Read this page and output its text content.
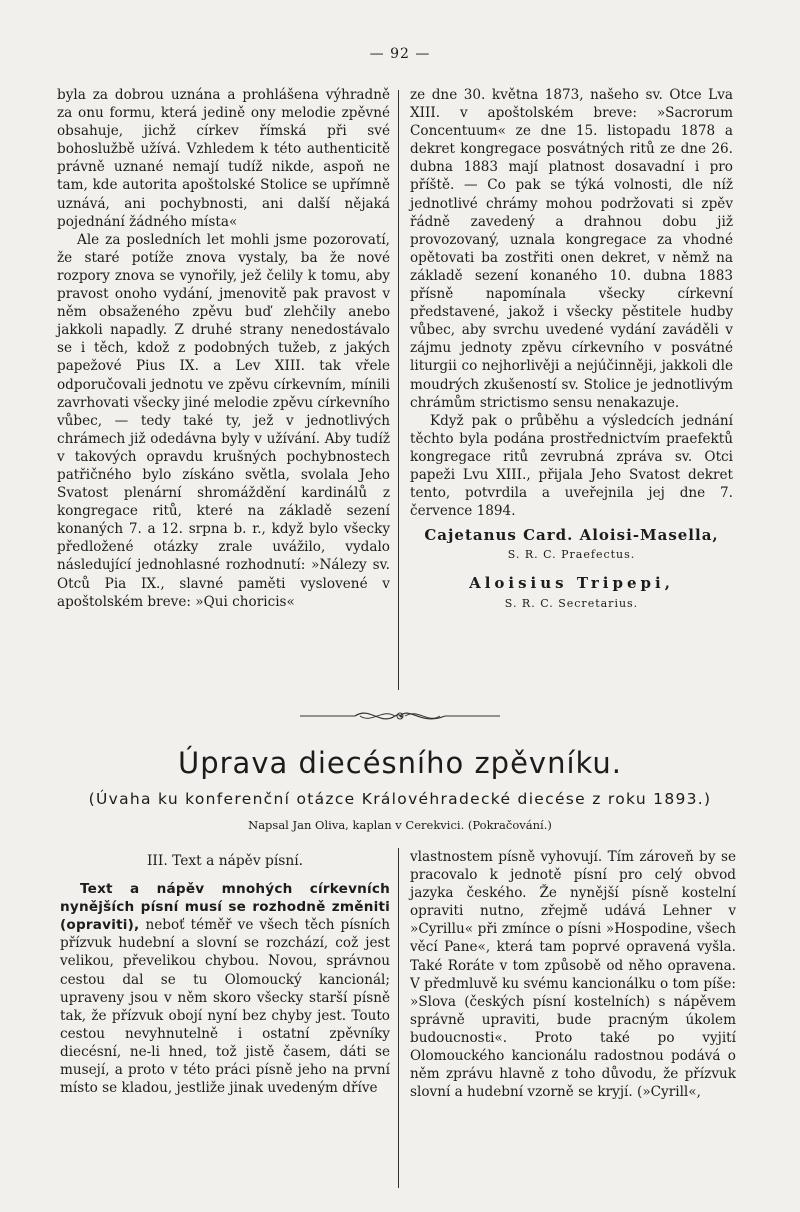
— 92 —

byla za dobrou uznána a prohlášena výhradně za onu formu, která jedině ony melodie zpěvné obsahuje, jichž církev římská při své bohoslužbě užívá. Vzhledem k této authenticitě právně uznané nemají tudíž nikde, aspoň ne tam, kde autorita apoštolské Stolice se upřímně uznává, ani pochybnosti, ani další nějaká pojednání žádného místa«

Ale za posledních let mohli jsme pozorovatí, že staré potíže znova vystaly, ba že nové rozpory znova se vynořily, jež čelily k tomu, aby pravost onoho vydání, jmenovitě pak pravost v něm obsaženého zpěvu buď zlehčily anebo jakkoli napadly. Z druhé strany nenedostávalo se i těch, kdož z podobných tužeb, z jakých papežové Pius IX. a Lev XIII. tak vřele odporučovali jednotu ve zpěvu církevním, mínili zavrhovati všecky jiné melodie zpěvu církevního vůbec, — tedy také ty, jež v jednotlivých chrámech již odedávna byly v užívání. Aby tudíž v takových opravdu krušných pochybnostech patřičného bylo získáno světla, svolala Jeho Svatost plenární shromáždění kardinálů z kongregace ritů, které na základě sezení konaných 7. a 12. srpna b. r., když bylo všecky předložené otázky zrale uvážilo, vydalo následující jednohlasné rozhodnutí: »Nálezy sv. Otců Pia IX., slavné paměti vyslovené v apoštolském breve: »Qui choricis«

ze dne 30. května 1873, našeho sv. Otce Lva XIII. v apoštolském breve: »Sacrorum Concentuum« ze dne 15. listopadu 1878 a dekret kongregace posvátných ritů ze dne 26. dubna 1883 mají platnost dosavadní i pro příště. — Co pak se týká volnosti, dle níž jednotlivé chrámy mohou podržovati si zpěv řádně zavedený a drahnou dobu již provozovaný, uznala kongregace za vhodné opětovati ba zostřiti onen dekret, v němž na základě sezení konaného 10. dubna 1883 přísně napomínala všecky církevní představené, jakož i všecky pěstitele hudby vůbec, aby svrchu uvedené vydání zaváděli v zájmu jednoty zpěvu církevního v posvátné liturgii co nejhorlivěji a nejúčinněji, jakkoli dle moudrých zkušeností sv. Stolice je jednotlivým chrámům strictismo sensu nenakazuje.

Když pak o průběhu a výsledcích jednání těchto byla podána prostřednictvím praefektů kongregace ritů zevrubná zpráva sv. Otci papeži Lvu XIII., přijala Jeho Svatost dekret tento, potvrdila a uveřejnila jej dne 7. července 1894.

Cajetanus Card. Aloisi-Masella,
S. R. C. Praefectus.
Aloisius Tripepi,
S. R. C. Secretarius.
Úprava diecésního zpěvníku.
(Úvaha ku konferenční otázce Královéhradecké diecése z roku 1893.)
Napsal Jan Oliva, kaplan v Cerekvici. (Pokračování.)
III. Text a nápěv písní.

Text a nápěv mnohých církevních nynějších písní musí se rozhodně změniti (opraviti), neboť téměř ve všech těch písních přízvuk hudební a slovní se rozchází, což jest velikou, převelikou chybou. Novou, správnou cestou dal se tu Olomoucký kancionál; upraveny jsou v něm skoro všecky starší písně tak, že přízvuk obojí nyní bez chyby jest. Touto cestou nevyhnutelně i ostatní zpěvníky diecésní, ne-li hned, tož jistě časem, dáti se musejí, a proto v této práci písně jeho na první místo se kladou, jestliže jinak uvedeným dříve

vlastnostem písně vyhovují. Tím zároveň by se pracovalo k jednotě písní pro celý obvod jazyka českého. Že nynější písně kostelní opraviti nutno, zřejmě udává Lehner v »Cyrillu« při zmínce o písni »Hospodine, všech věcí Pane«, která tam poprvé opravená vyšla. Také Roráte v tom způsobě od něho opravena. V předmluvě ku svému kancionálku o tom píše: »Slova (českých písní kostelních) s nápěvem správně upraviti, bude pracným úkolem budoucnosti«. Proto také po vyjití Olomouckého kancionálu radostnou podává o něm zprávu hlavně z toho důvodu, že přízvuk slovní a hudební vzorně se kryjí. (»Cyrill«,
